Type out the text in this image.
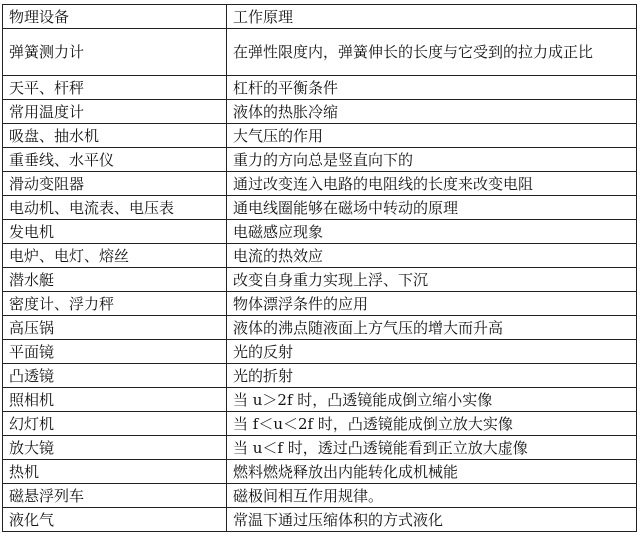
物理设备	工作原理
弹簧测力计	在弹性限度内，弹簧伸长的长度与它受到的拉力成正比
天平、杆秤	杠杆的平衡条件
常用温度计	液体的热胀冷缩
吸盘、抽水机	大气压的作用
重垂线、水平仪	重力的方向总是竖直向下的
滑动变阻器	通过改变连入电路的电阻线的长度来改变电阻
电动机、电流表、电压表	通电线圈能够在磁场中转动的原理
发电机	电磁感应现象
电炉、电灯、熔丝	电流的热效应
潜水艇	改变自身重力实现上浮、下沉
密度计、浮力秤	物体漂浮条件的应用
高压锅	液体的沸点随液面上方气压的增大而升高
平面镜	光的反射
凸透镜	光的折射
照相机	当 u＞2f 时，凸透镜能成倒立缩小实像
幻灯机	当 f＜u＜2f 时，凸透镜能成倒立放大实像
放大镜	当 u＜f 时，透过凸透镜能看到正立放大虚像
热机	燃料燃烧释放出内能转化成机械能
磁悬浮列车	磁极间相互作用规律。
液化气	常温下通过压缩体积的方式液化
